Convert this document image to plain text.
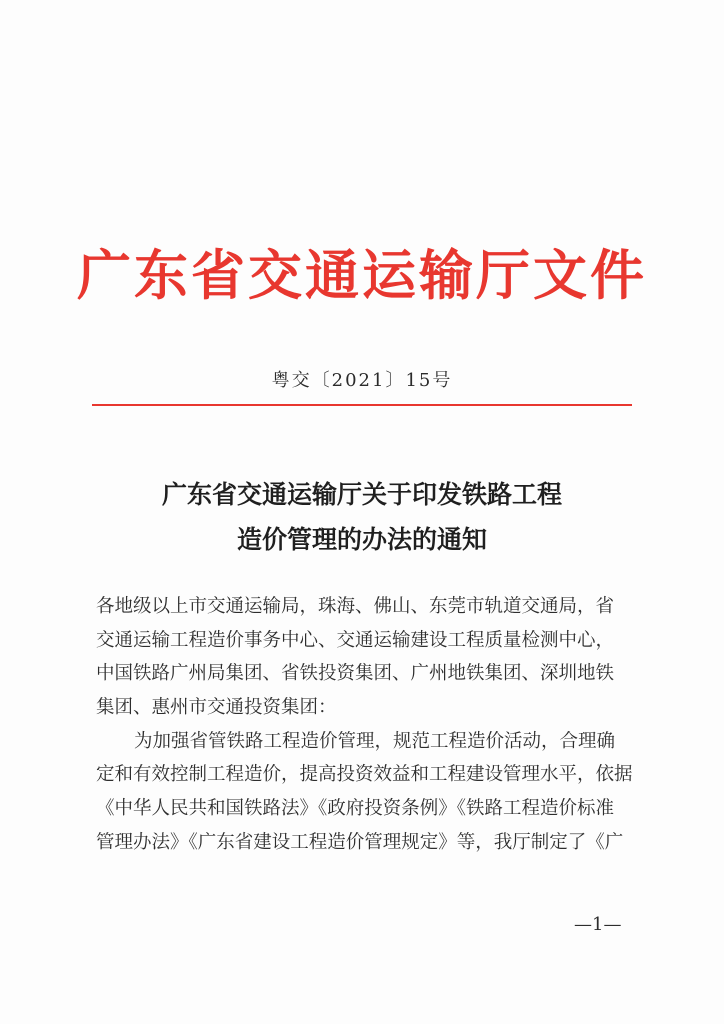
广东省交通运输厅文件
粤交〔2021〕15号
广东省交通运输厅关于印发铁路工程
造价管理的办法的通知
各地级以上市交通运输局，珠海、佛山、东莞市轨道交通局，省
交通运输工程造价事务中心、交通运输建设工程质量检测中心，
中国铁路广州局集团、省铁投资集团、广州地铁集团、深圳地铁
集团、惠州市交通投资集团：
为加强省管铁路工程造价管理，规范工程造价活动，合理确
定和有效控制工程造价，提高投资效益和工程建设管理水平，依据
《中华人民共和国铁路法》《政府投资条例》《铁路工程造价标准
管理办法》《广东省建设工程造价管理规定》等，我厅制定了《广
—1—
